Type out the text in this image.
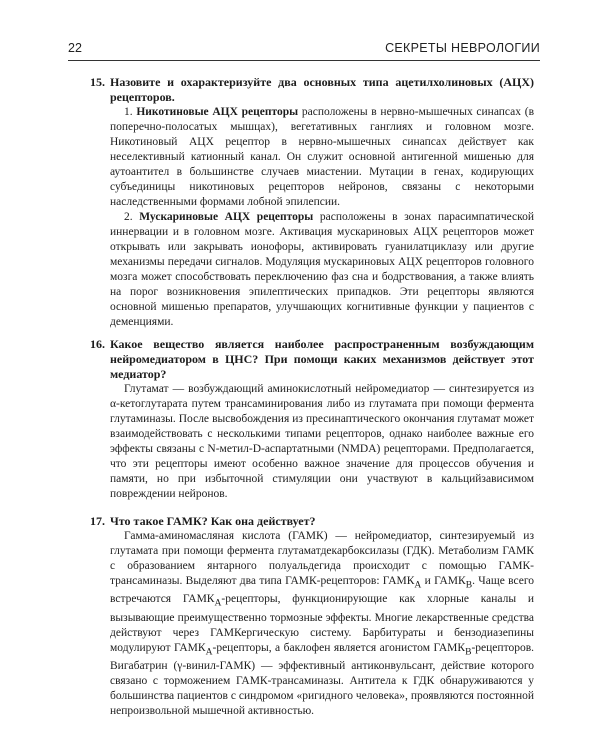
22	СЕКРЕТЫ НЕВРОЛОГИИ
15. Назовите и охарактеризуйте два основных типа ацетилхолиновых (АЦХ) рецепторов.

1. Никотиновые АЦХ рецепторы расположены в нервно-мышечных синапсах (в поперечно-полосатых мышцах), вегетативных ганглиях и головном мозге. Никотиновый АЦХ рецептор в нервно-мышечных синапсах действует как неселективный катионный канал. Он служит основной антигенной мишенью для аутоантител в большинстве случаев миастении. Мутации в генах, кодирующих субъединицы никотиновых рецепторов нейронов, связаны с некоторыми наследственными формами лобной эпилепсии.

2. Мускариновые АЦХ рецепторы расположены в зонах парасимпатической иннервации и в головном мозге. Активация мускариновых АЦХ рецепторов может открывать или закрывать ионофоры, активировать гуанилатциклазу или другие механизмы передачи сигналов. Модуляция мускариновых АЦХ рецепторов головного мозга может способствовать переключению фаз сна и бодрствования, а также влиять на порог возникновения эпилептических припадков. Эти рецепторы являются основной мишенью препаратов, улучшающих когнитивные функции у пациентов с деменциями.

16. Какое вещество является наиболее распространенным возбуждающим нейромедиатором в ЦНС? При помощи каких механизмов действует этот медиатор?

Глутамат — возбуждающий аминокислотный нейромедиатор — синтезируется из α-кетоглутарата путем трансаминирования либо из глутамата при помощи фермента глутаминазы. После высвобождения из пресинаптического окончания глутамат может взаимодействовать с несколькими типами рецепторов, однако наиболее важные его эффекты связаны с N-метил-D-аспартатными (NMDA) рецепторами. Предполагается, что эти рецепторы имеют особенно важное значение для процессов обучения и памяти, но при избыточной стимуляции они участвуют в кальцийзависимом повреждении нейронов.

17. Что такое ГАМК? Как она действует?

Гамма-аминомасляная кислота (ГАМК) — нейромедиатор, синтезируемый из глутамата при помощи фермента глутаматдекарбоксилазы (ГДК). Метаболизм ГАМК с образованием янтарного полуальдегида происходит с помощью ГАМК-трансаминазы. Выделяют два типа ГАМК-рецепторов: $ГАМК_А$ и $ГАМК_В$. Чаще всего встречаются $ГАМК_А$-рецепторы, функционирующие как хлорные каналы и вызывающие преимущественно тормозные эффекты. Многие лекарственные средства действуют через ГАМКергическую систему. Барбитураты и бензодиазепины модулируют $ГАМК_А$-рецепторы, а баклофен является агонистом $ГАМК_В$-рецепторов. Вигабатрин (γ-винил-ГАМК) — эффективный антиконвульсант, действие которого связано с торможением ГАМК-трансаминазы. Антитела к ГДК обнаруживаются у большинства пациентов с синдромом «ригидного человека», проявляются постоянной непроизвольной мышечной активностью.
